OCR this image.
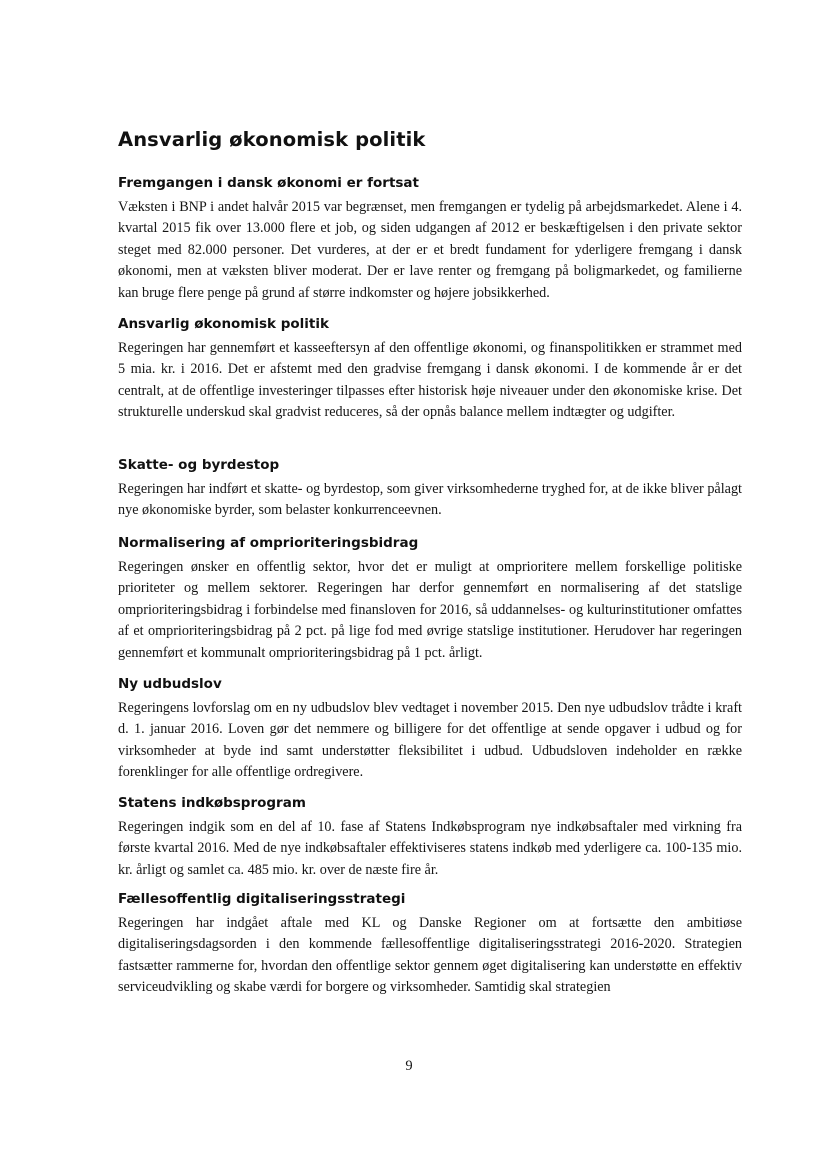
Ansvarlig økonomisk politik
Fremgangen i dansk økonomi er fortsat

Væksten i BNP i andet halvår 2015 var begrænset, men fremgangen er tydelig på arbejdsmarkedet. Alene i 4. kvartal 2015 fik over 13.000 flere et job, og siden udgangen af 2012 er beskæftigelsen i den private sektor steget med 82.000 personer. Det vurderes, at der er et bredt fundament for yderligere fremgang i dansk økonomi, men at væksten bliver moderat. Der er lave renter og fremgang på boligmarkedet, og familierne kan bruge flere penge på grund af større indkomster og højere jobsikkerhed.

Ansvarlig økonomisk politik

Regeringen har gennemført et kasseeftersyn af den offentlige økonomi, og finanspolitikken er strammet med 5 mia. kr. i 2016. Det er afstemt med den gradvise fremgang i dansk økonomi. I de kommende år er det centralt, at de offentlige investeringer tilpasses efter historisk høje niveauer under den økonomiske krise. Det strukturelle underskud skal gradvist reduceres, så der opnås balance mellem indtægter og udgifter.

Skatte- og byrdestop

Regeringen har indført et skatte- og byrdestop, som giver virksomhederne tryghed for, at de ikke bliver pålagt nye økonomiske byrder, som belaster konkurrenceevnen.

Normalisering af omprioriteringsbidrag

Regeringen ønsker en offentlig sektor, hvor det er muligt at omprioritere mellem forskellige politiske prioriteter og mellem sektorer. Regeringen har derfor gennemført en normalisering af det statslige omprioriteringsbidrag i forbindelse med finansloven for 2016, så uddannelses- og kulturinstitutioner omfattes af et omprioriteringsbidrag på 2 pct. på lige fod med øvrige statslige institutioner. Herudover har regeringen gennemført et kommunalt omprioriteringsbidrag på 1 pct. årligt.

Ny udbudslov

Regeringens lovforslag om en ny udbudslov blev vedtaget i november 2015. Den nye udbudslov trådte i kraft d. 1. januar 2016. Loven gør det nemmere og billigere for det offentlige at sende opgaver i udbud og for virksomheder at byde ind samt understøtter fleksibilitet i udbud. Udbudsloven indeholder en række forenklinger for alle offentlige ordregivere.

Statens indkøbsprogram

Regeringen indgik som en del af 10. fase af Statens Indkøbsprogram nye indkøbsaftaler med virkning fra første kvartal 2016. Med de nye indkøbsaftaler effektiviseres statens indkøb med yderligere ca. 100-135 mio. kr. årligt og samlet ca. 485 mio. kr. over de næste fire år.

Fællesoffentlig digitaliseringsstrategi

Regeringen har indgået aftale med KL og Danske Regioner om at fortsætte den ambitiøse digitaliseringsdagsorden i den kommende fællesoffentlige digitaliseringsstrategi 2016-2020. Strategien fastsætter rammerne for, hvordan den offentlige sektor gennem øget digitalisering kan understøtte en effektiv serviceudvikling og skabe værdi for borgere og virksomheder. Samtidig skal strategien

9
